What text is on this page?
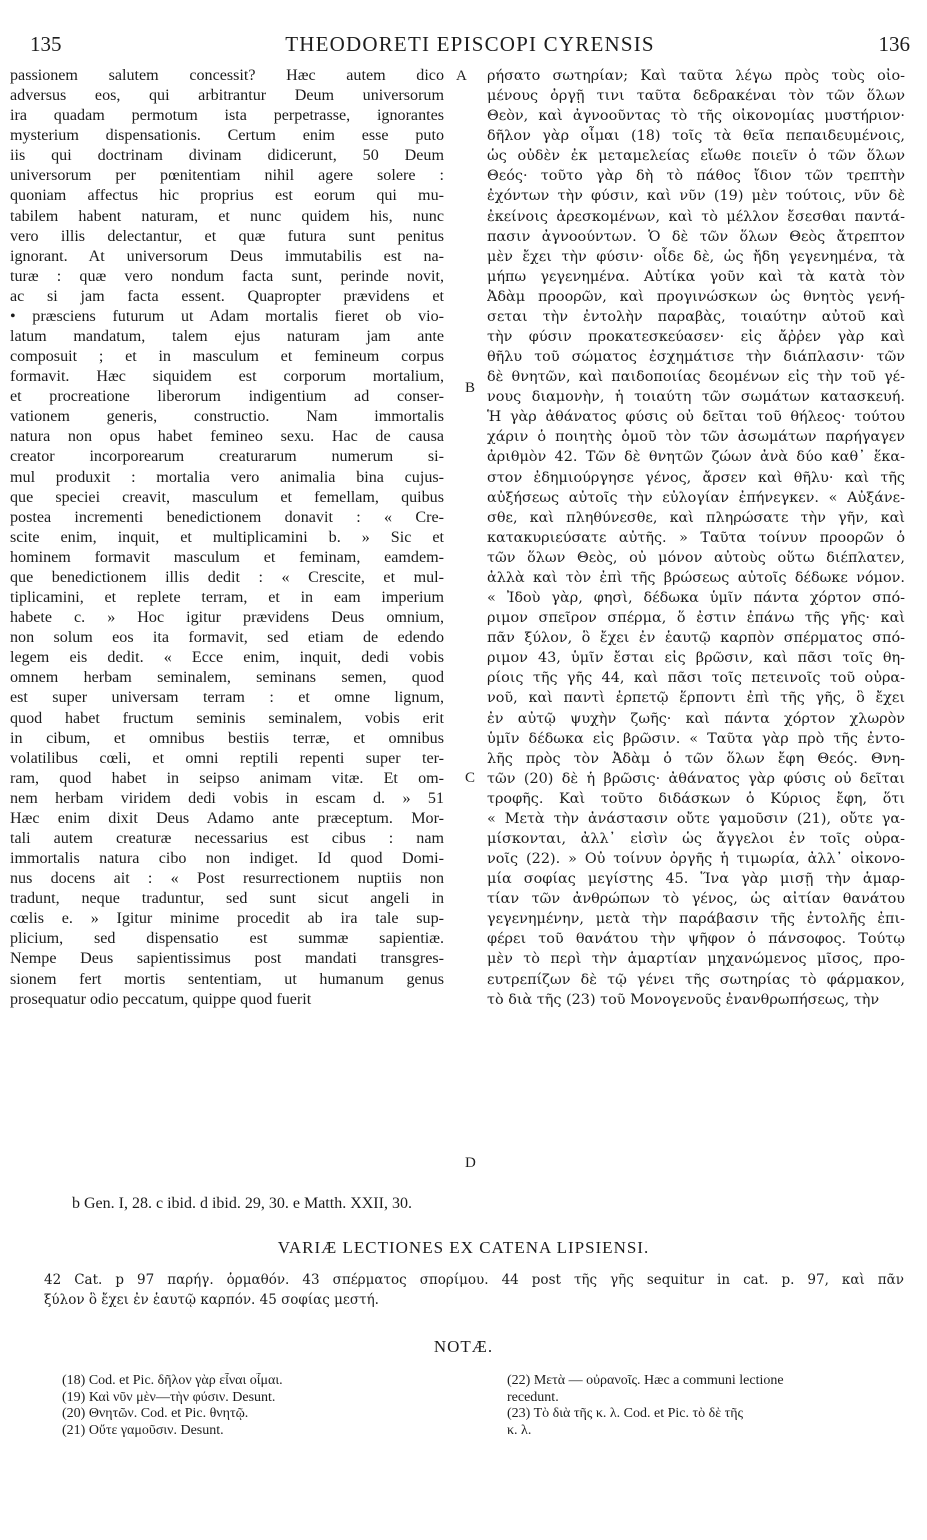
135	THEODORETI EPISCOPI CYRENSIS	136
passionem salutem concessit? Hæc autem dico
adversus eos, qui arbitrantur Deum universorum
ira quadam permotum ista perpetrasse, ignorantes
mysterium dispensationis. Certum enim esse puto
iis qui doctrinam divinam didicerunt, 50 Deum
universorum per pœnitentiam nihil agere solere :
quoniam affectus hic proprius est eorum qui mu-
tabilem habent naturam, et nunc quidem his, nunc
vero illis delectantur, et quæ futura sunt penitus
ignorant. At universorum Deus immutabilis est na-
turæ : quæ vero nondum facta sunt, perinde novit,
ac si jam facta essent. Quapropter prævidens et
• præsciens futurum ut Adam mortalis fieret ob vio-
latum mandatum, talem ejus naturam jam ante
composuit ; et in masculum et femineum corpus
formavit. Hæc siquidem est corporum mortalium,
et procreatione liberorum indigentium ad conser-
vationem generis, constructio. Nam immortalis
natura non opus habet femineo sexu. Hac de causa
creator incorporearum creaturarum numerum si-
mul produxit : mortalia vero animalia bina cujus-
que speciei creavit, masculum et femellam, quibus
postea incrementi benedictionem donavit : « Cre-
scite enim, inquit, et multiplicamini b. » Sic et
hominem formavit masculum et feminam, eamdem-
que benedictionem illis dedit : « Crescite, et mul-
tiplicamini, et replete terram, et in eam imperium
habete c. » Hoc igitur prævidens Deus omnium,
non solum eos ita formavit, sed etiam de edendo
legem eis dedit. « Ecce enim, inquit, dedi vobis
omnem herbam seminalem, seminans semen, quod
est super universam terram : et omne lignum,
quod habet fructum seminis seminalem, vobis erit
in cibum, et omnibus bestiis terræ, et omnibus
volatilibus cœli, et omni reptili repenti super ter-
ram, quod habet in seipso animam vitæ. Et om-
nem herbam viridem dedi vobis in escam d. » 51
Hæc enim dixit Deus Adamo ante præceptum. Mor-
tali autem creaturæ necessarius est cibus : nam
immortalis natura cibo non indiget. Id quod Domi-
nus docens ait : « Post resurrectionem nuptiis non
tradunt, neque traduntur, sed sunt sicut angeli in
cœlis e. » Igitur minime procedit ab ira tale sup-
plicium, sed dispensatio est summæ sapientiæ.
Nempe Deus sapientissimus post mandati transgres-
sionem fert mortis sententiam, ut humanum genus
prosequatur odio peccatum, quippe quod fuerit
ρήσατο σωτηρίαν; Καὶ ταῦτα λέγω πρὸς τοὺς οἰο-
μένους ὀργῇ τινι ταῦτα δεδρακέναι τὸν τῶν ὅλων
Θεὸν, καὶ ἀγνοοῦντας τὸ τῆς οἰκονομίας μυστήριον·
δῆλον γὰρ οἶμαι (18) τοῖς τὰ θεῖα πεπαιδευμένοις,
ὡς οὐδὲν ἐκ μεταμελείας εἴωθε ποιεῖν ὁ τῶν ὅλων
Θεός· τοῦτο γὰρ δὴ τὸ πάθος ἴδιον τῶν τρεπτὴν
ἐχόντων τὴν φύσιν, καὶ νῦν (19) μὲν τούτοις, νῦν δὲ
ἐκείνοις ἀρεσκομένων, καὶ τὸ μέλλον ἔσεσθαι παντά-
πασιν ἀγνοούντων. Ὁ δὲ τῶν ὅλων Θεὸς ἄτρεπτον
μὲν ἔχει τὴν φύσιν· οἶδε δὲ, ὡς ἤδη γεγενημένα, τὰ
μήπω γεγενημένα. Αὐτίκα γοῦν καὶ τὰ κατὰ τὸν
Ἀδὰμ προορῶν, καὶ προγινώσκων ὡς θνητὸς γενή-
σεται τὴν ἐντολὴν παραβὰς, τοιαύτην αὐτοῦ καὶ
τὴν φύσιν προκατεσκεύασεν· εἰς ἄῤῥεν γὰρ καὶ
θῆλυ τοῦ σώματος ἐσχημάτισε τὴν διάπλασιν· τῶν
δὲ θνητῶν, καὶ παιδοποιίας δεομένων εἰς τὴν τοῦ γέ-
νους διαμονὴν, ἡ τοιαύτη τῶν σωμάτων κατασκευή.
Ἡ γὰρ ἀθάνατος φύσις οὐ δεῖται τοῦ θήλεος· τούτου
χάριν ὁ ποιητὴς ὁμοῦ τὸν τῶν ἀσωμάτων παρήγαγεν
ἀριθμὸν 42. Τῶν δὲ θνητῶν ζώων ἀνὰ δύο καθ᾽ ἕκα-
στον ἐδημιούργησε γένος, ἄρσεν καὶ θῆλυ· καὶ τῆς
αὐξήσεως αὐτοῖς τὴν εὐλογίαν ἐπήνεγκεν. « Αὐξάνε-
σθε, καὶ πληθύνεσθε, καὶ πληρώσατε τὴν γῆν, καὶ
κατακυριεύσατε αὐτῆς. » Ταῦτα τοίνυν προορῶν ὁ
τῶν ὅλων Θεὸς, οὐ μόνον αὐτοὺς οὕτω διέπλατεν,
ἀλλὰ καὶ τὸν ἐπὶ τῆς βρώσεως αὐτοῖς δέδωκε νόμον.
« Ἰδοὺ γὰρ, φησὶ, δέδωκα ὑμῖν πάντα χόρτον σπό-
ριμον σπεῖρον σπέρμα, ὅ ἐστιν ἐπάνω τῆς γῆς· καὶ
πᾶν ξύλον, ὃ ἔχει ἐν ἑαυτῷ καρπὸν σπέρματος σπό-
ριμον 43, ὑμῖν ἔσται εἰς βρῶσιν, καὶ πᾶσι τοῖς θη-
ρίοις τῆς γῆς 44, καὶ πᾶσι τοῖς πετεινοῖς τοῦ οὐρα-
νοῦ, καὶ παντὶ ἑρπετῷ ἕρποντι ἐπὶ τῆς γῆς, ὃ ἔχει
ἐν αὐτῷ ψυχὴν ζωῆς· καὶ πάντα χόρτον χλωρὸν
ὑμῖν δέδωκα εἰς βρῶσιν. « Ταῦτα γὰρ πρὸ τῆς ἐντο-
λῆς πρὸς τὸν Ἀδὰμ ὁ τῶν ὅλων ἔφη Θεός. Θνη-
τῶν (20) δὲ ἡ βρῶσις· ἀθάνατος γὰρ φύσις οὐ δεῖται
τροφῆς. Καὶ τοῦτο διδάσκων ὁ Κύριος ἔφη, ὅτι
« Μετὰ τὴν ἀνάστασιν οὔτε γαμοῦσιν (21), οὔτε γα-
μίσκονται, ἀλλ᾽ εἰσὶν ὡς ἄγγελοι ἐν τοῖς οὐρα-
νοῖς (22). » Οὐ τοίνυν ὀργῆς ἡ τιμωρία, ἀλλ᾽ οἰκονο-
μία σοφίας μεγίστης 45. Ἵνα γὰρ μισῇ τὴν ἁμαρ-
τίαν τῶν ἀνθρώπων τὸ γένος, ὡς αἰτίαν θανάτου
γεγενημένην, μετὰ τὴν παράβασιν τῆς ἐντολῆς ἐπι-
φέρει τοῦ θανάτου τὴν ψῆφον ὁ πάνσοφος. Τούτῳ
μὲν τὸ περὶ τὴν ἁμαρτίαν μηχανώμενος μῖσος, προ-
ευτρεπίζων δὲ τῷ γένει τῆς σωτηρίας τὸ φάρμακον,
τὸ διὰ τῆς (23) τοῦ Μονογενοῦς ἐνανθρωπήσεως, τὴν
A
B
C
D
b Gen. I, 28. c ibid. d ibid. 29, 30. e Matth. XXII, 30.
VARIÆ LECTIONES EX CATENA LIPSIENSI.
42 Cat. p 97 παρήγ. ὁρμαθόν. 43 σπέρματος σπορίμου. 44 post τῆς γῆς sequitur in cat. p. 97, καὶ πᾶν
ξύλον ὃ ἔχει ἐν ἑαυτῷ καρπόν. 45 σοφίας μεστή.
NOTÆ.
(18) Cod. et Pic. δῆλον γὰρ εἶναι οἶμαι.
(19) Καὶ νῦν μὲν—τὴν φύσιν. Desunt.
(20) Θνητῶν. Cod. et Pic. θνητῷ.
(21) Οὔτε γαμοῦσιν. Desunt.
(22) Μετὰ — οὐρανοῖς. Hæc a communi lectione
recedunt.
(23) Τὸ διὰ τῆς κ. λ. Cod. et Pic. τὸ δὲ τῆς
κ. λ.
